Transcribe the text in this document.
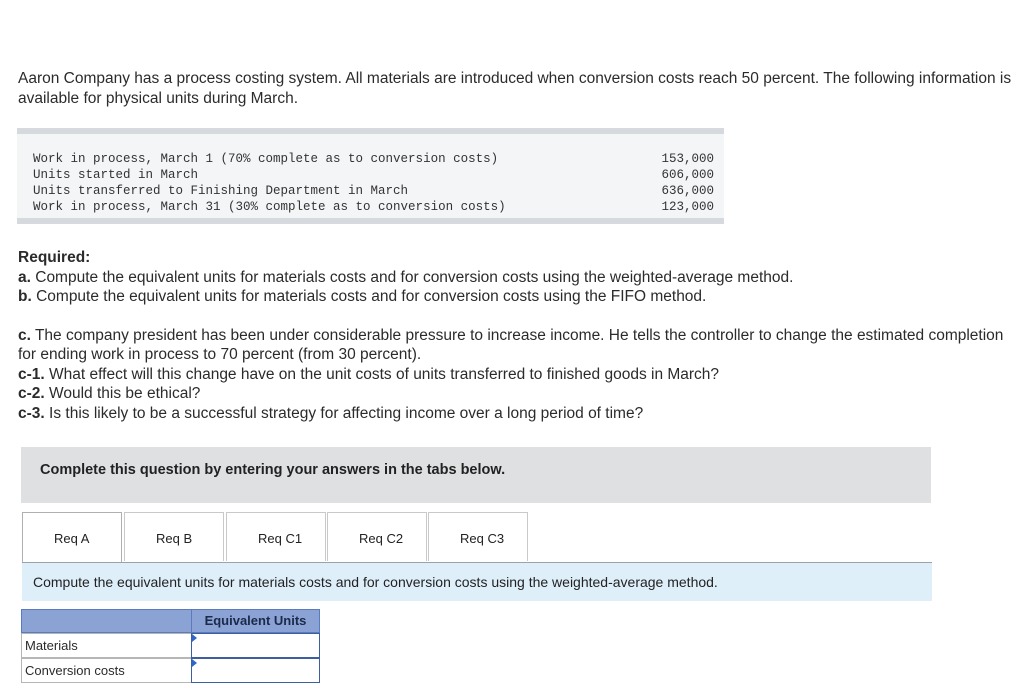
Aaron Company has a process costing system. All materials are introduced when conversion costs reach 50 percent. The following information is available for physical units during March.
Work in process, March 1 (70% complete as to conversion costs)	153,000
Units started in March	606,000
Units transferred to Finishing Department in March	636,000
Work in process, March 31 (30% complete as to conversion costs)	123,000
Required:
a. Compute the equivalent units for materials costs and for conversion costs using the weighted-average method.
b. Compute the equivalent units for materials costs and for conversion costs using the FIFO method.
c. The company president has been under considerable pressure to increase income. He tells the controller to change the estimated completion for ending work in process to 70 percent (from 30 percent).
c-1. What effect will this change have on the unit costs of units transferred to finished goods in March?
c-2. Would this be ethical?
c-3. Is this likely to be a successful strategy for affecting income over a long period of time?
Complete this question by entering your answers in the tabs below.
Req A	Req B	Req C1	Req C2	Req C3
Compute the equivalent units for materials costs and for conversion costs using the weighted-average method.
Equivalent Units
Materials
Conversion costs
